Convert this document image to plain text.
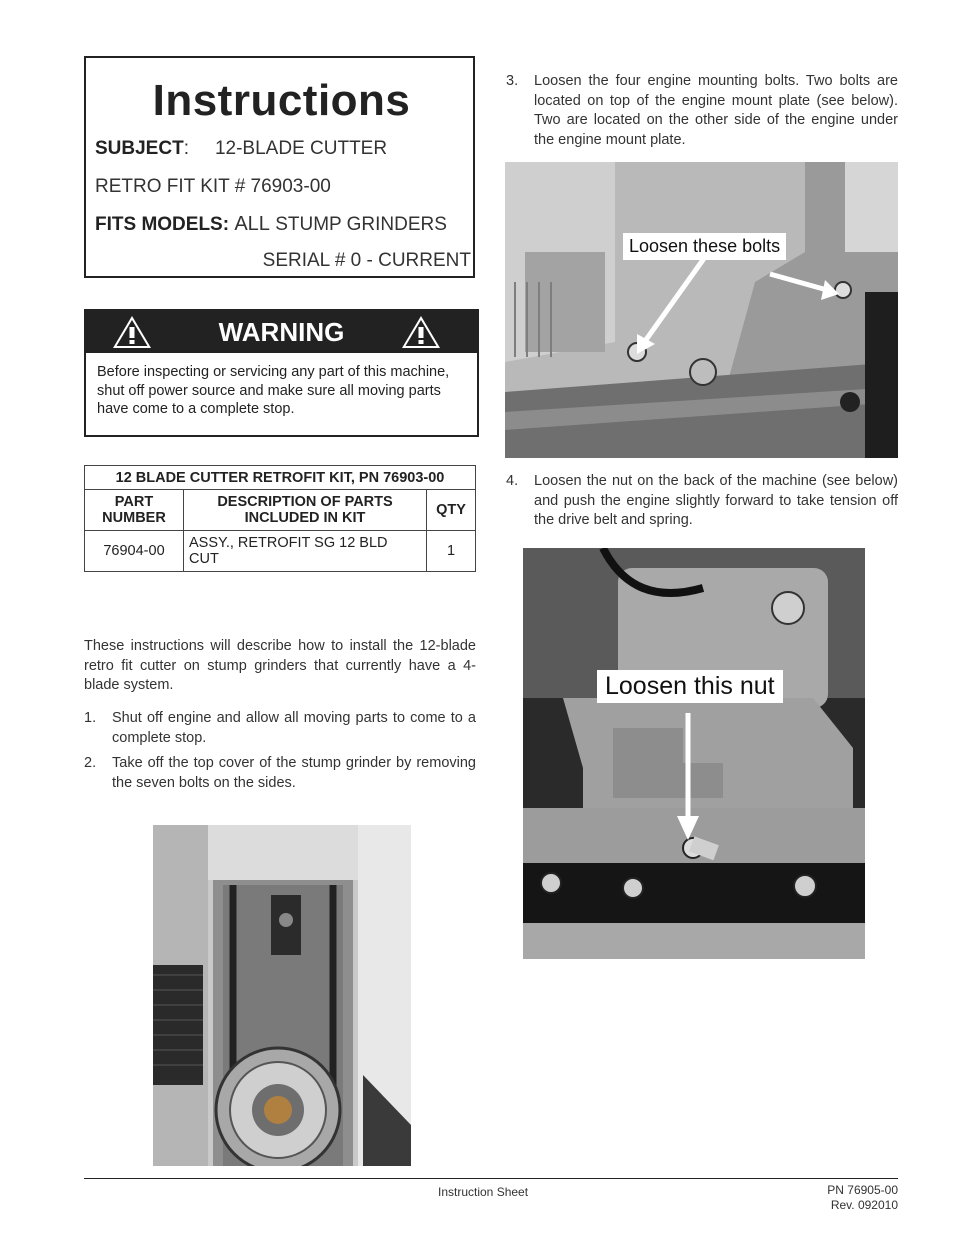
Instructions
SUBJECT: 12-BLADE CUTTER
RETRO FIT KIT # 76903-00
FITS MODELS: ALL STUMP GRINDERS
SERIAL # 0 - CURRENT
WARNING
Before inspecting or servicing any part of this machine, shut off power source and make sure all moving parts have come to a complete stop.
12 BLADE CUTTER RETROFIT KIT, PN 76903-00		
PART NUMBER	DESCRIPTION OF PARTS INCLUDED IN KIT	QTY
76904-00	ASSY., RETROFIT SG 12 BLD CUT	1
These instructions will describe how to install the 12-blade retro fit cutter on stump grinders that currently have a 4-blade system.
1. Shut off engine and allow all moving parts to come to a complete stop.
2. Take off the top cover of the stump grinder by removing the seven bolts on the sides.
3. Loosen the four engine mounting bolts. Two bolts are located on top of the engine mount plate (see below). Two are located on the other side of the engine under the engine mount plate.
Loosen these bolts
4. Loosen the nut on the back of the machine (see below) and push the engine slightly forward to take tension off the drive belt and spring.
Loosen this nut
Instruction Sheet	PN 76905-00
Rev. 092010
